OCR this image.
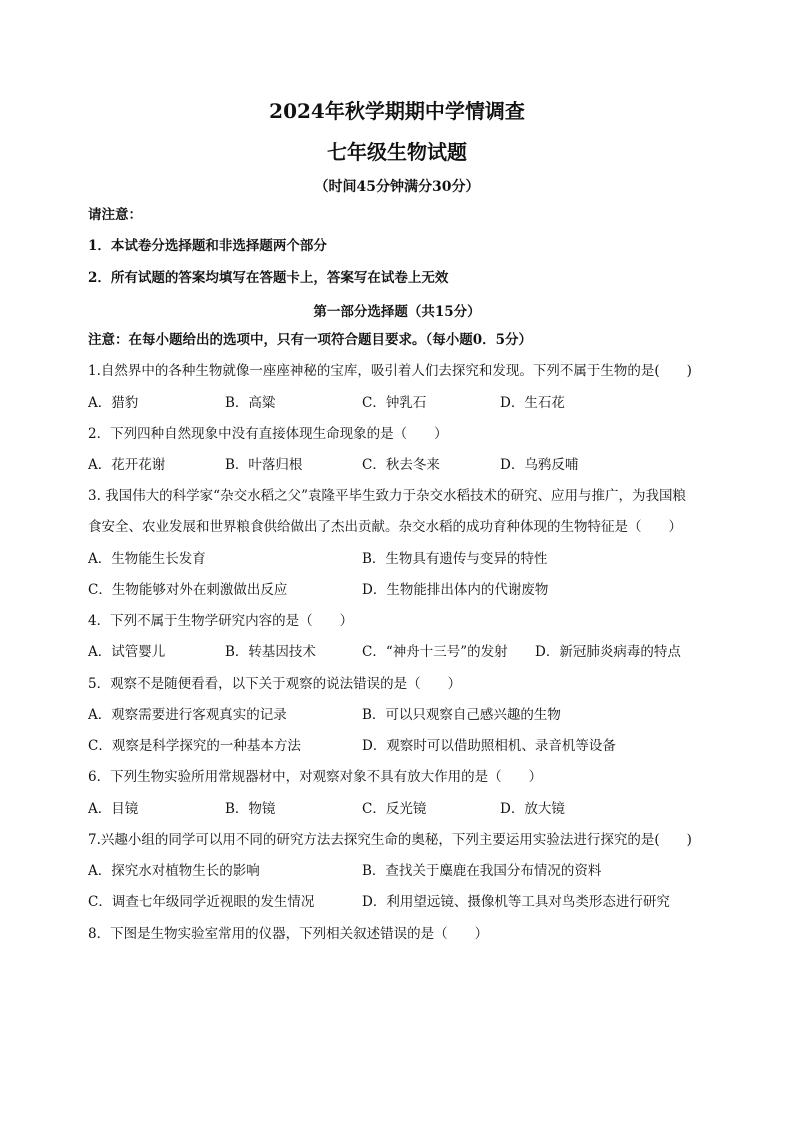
2024年秋学期期中学情调查
七年级生物试题
（时间45分钟满分30分）
请注意：
1．本试卷分选择题和非选择题两个部分
2．所有试题的答案均填写在答题卡上，答案写在试卷上无效
第一部分选择题（共15分）
注意：在每小题给出的选项中，只有一项符合题目要求。（每小题0．5分）
1.自然界中的各种生物就像一座座神秘的宝库，吸引着人们去探究和发现。下列不属于生物的是(　　)
A．猎豹	B．高粱	C．钟乳石	D．生石花
2．下列四种自然现象中没有直接体现生命现象的是（　　）
A．花开花谢	B．叶落归根	C．秋去冬来	D．乌鸦反哺
3. 我国伟大的科学家“杂交水稻之父”袁隆平毕生致力于杂交水稻技术的研究、应用与推广，为我国粮
食安全、农业发展和世界粮食供给做出了杰出贡献。杂交水稻的成功育种体现的生物特征是（　　）
A．生物能生长发育	B．生物具有遗传与变异的特性
C．生物能够对外在刺激做出反应	D．生物能排出体内的代谢废物
4．下列不属于生物学研究内容的是（　　）
A．试管婴儿	B．转基因技术	C．“神舟十三号”的发射 D．新冠肺炎病毒的特点
5．观察不是随便看看，以下关于观察的说法错误的是（　　）
A．观察需要进行客观真实的记录	B．可以只观察自己感兴趣的生物
C．观察是科学探究的一种基本方法	D．观察时可以借助照相机、录音机等设备
6．下列生物实验所用常规器材中，对观察对象不具有放大作用的是（　　）
A．目镜	B．物镜	C．反光镜	D．放大镜
7.兴趣小组的同学可以用不同的研究方法去探究生命的奥秘，下列主要运用实验法进行探究的是(　　)
A．探究水对植物生长的影响	B．查找关于麋鹿在我国分布情况的资料
C．调查七年级同学近视眼的发生情况	D．利用望远镜、摄像机等工具对鸟类形态进行研究
8．下图是生物实验室常用的仪器，下列相关叙述错误的是（　　）
